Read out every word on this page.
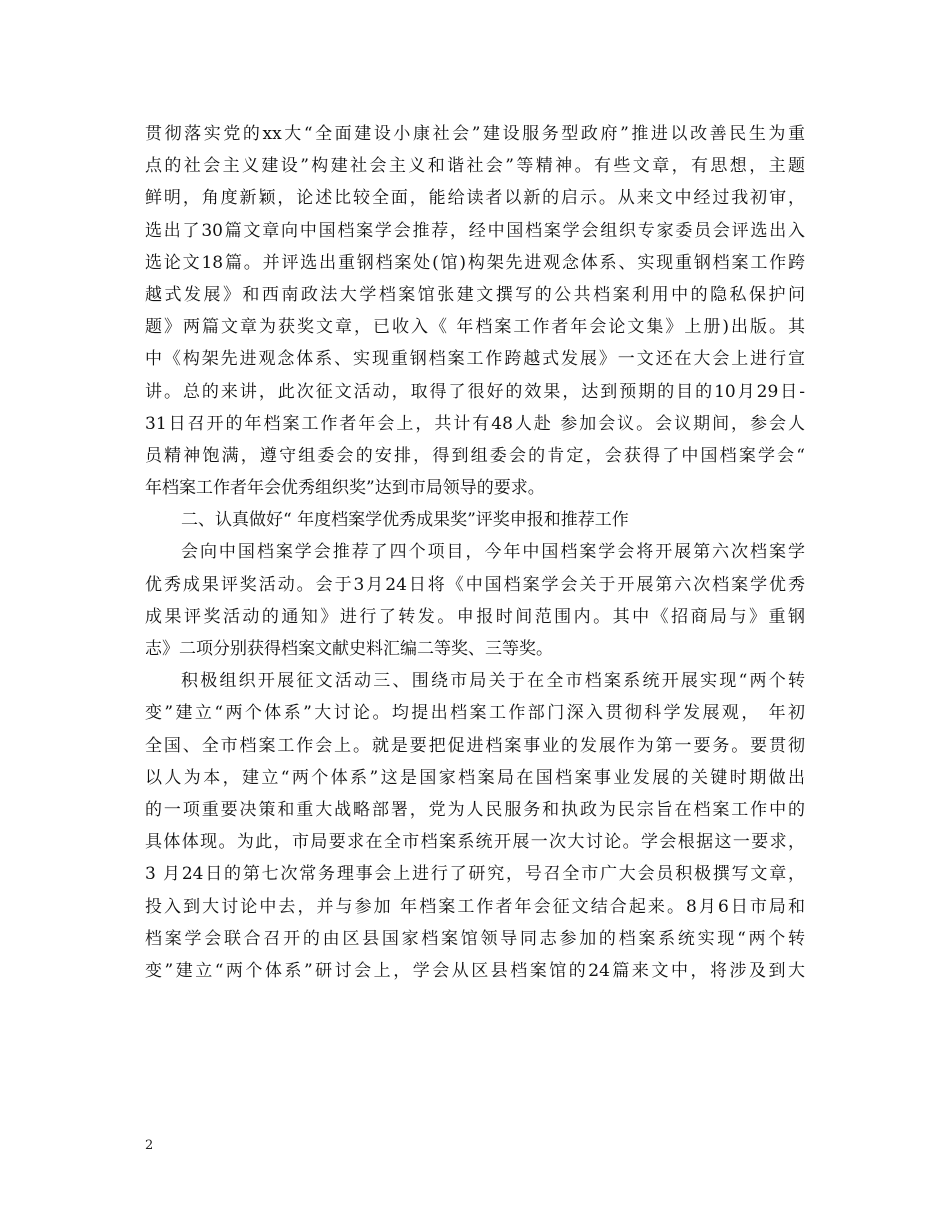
贯彻落实党的xx大“全面建设小康社会”建设服务型政府”推进以改善民生为重
点的社会主义建设”构建社会主义和谐社会”等精神。有些文章，有思想，主题
鲜明，角度新颖，论述比较全面，能给读者以新的启示。从来文中经过我初审，
选出了30篇文章向中国档案学会推荐，经中国档案学会组织专家委员会评选出入
选论文18篇。并评选出重钢档案处(馆)构架先进观念体系、实现重钢档案工作跨
越式发展》和西南政法大学档案馆张建文撰写的公共档案利用中的隐私保护问
题》两篇文章为获奖文章，已收入《 年档案工作者年会论文集》上册)出版。其
中《构架先进观念体系、实现重钢档案工作跨越式发展》一文还在大会上进行宣
讲。总的来讲，此次征文活动，取得了很好的效果，达到预期的目的10月29日-
31日召开的年档案工作者年会上，共计有48人赴 参加会议。会议期间，参会人
员精神饱满，遵守组委会的安排，得到组委会的肯定，会获得了中国档案学会“
年档案工作者年会优秀组织奖”达到市局领导的要求。
二、认真做好“ 年度档案学优秀成果奖”评奖申报和推荐工作
会向中国档案学会推荐了四个项目，今年中国档案学会将开展第六次档案学
优秀成果评奖活动。会于3月24日将《中国档案学会关于开展第六次档案学优秀
成果评奖活动的通知》进行了转发。申报时间范围内。其中《招商局与》重钢
志》二项分别获得档案文献史料汇编二等奖、三等奖。
积极组织开展征文活动三、围绕市局关于在全市档案系统开展实现“两个转
变”建立“两个体系”大讨论。均提出档案工作部门深入贯彻科学发展观， 年初
全国、全市档案工作会上。就是要把促进档案事业的发展作为第一要务。要贯彻
以人为本，建立“两个体系”这是国家档案局在国档案事业发展的关键时期做出
的一项重要决策和重大战略部署，党为人民服务和执政为民宗旨在档案工作中的
具体体现。为此，市局要求在全市档案系统开展一次大讨论。学会根据这一要求，
3 月24日的第七次常务理事会上进行了研究，号召全市广大会员积极撰写文章，
投入到大讨论中去，并与参加 年档案工作者年会征文结合起来。8月6日市局和
档案学会联合召开的由区县国家档案馆领导同志参加的档案系统实现“两个转
变”建立“两个体系”研讨会上，学会从区县档案馆的24篇来文中，将涉及到大
2
